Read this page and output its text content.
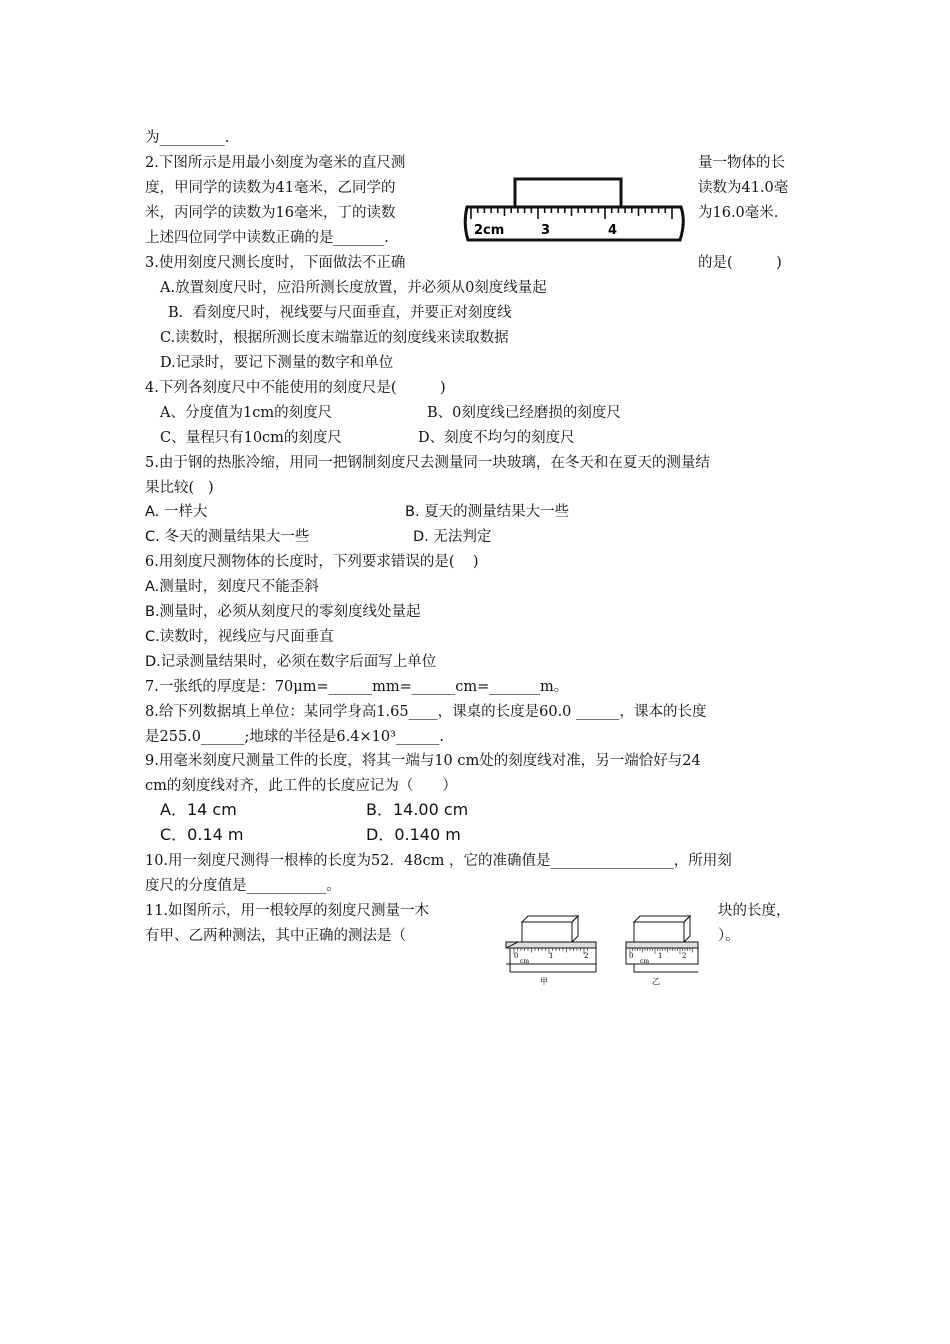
为_________.
2.下图所示是用最小刻度为毫米的直尺测
度，甲同学的读数为41毫米，乙同学的
米，丙同学的读数为16毫米，丁的读数
上述四位同学中读数正确的是_______.
量一物体的长
读数为41.0毫
为16.0毫米.
2cm	3	4
3.使用刻度尺测长度时，下面做法不正确	的是(　　　)
A.放置刻度尺时，应沿所测长度放置，并必须从0刻度线量起
B.  看刻度尺时，视线要与尺面垂直，并要正对刻度线
C.读数时，根据所测长度末端靠近的刻度线来读取数据
D.记录时，要记下测量的数字和单位
4.下列各刻度尺中不能使用的刻度尺是(　　　)
A、分度值为1cm的刻度尺	B、0刻度线已经磨损的刻度尺
C、量程只有10cm的刻度尺	D、刻度不均匀的刻度尺
5.由于钢的热胀冷缩，用同一把钢制刻度尺去测量同一块玻璃，在冬天和在夏天的测量结
果比较(   )
A. 一样大	B. 夏天的测量结果大一些
C. 冬天的测量结果大一些	D. 无法判定
6.用刻度尺测物体的长度时，下列要求错误的是(    )
A.测量时，刻度尺不能歪斜
B.测量时，必须从刻度尺的零刻度线处量起
C.读数时，视线应与尺面垂直
D.记录测量结果时，必须在数字后面写上单位
7.一张纸的厚度是：70μm=______mm=______cm=_______m。
8.给下列数据填上单位：某同学身高1.65____，课桌的长度是60.0 ______，课本的长度
是255.0______;地球的半径是6.4×10³______.
9.用毫米刻度尺测量工件的长度，将其一端与10 cm处的刻度线对准，另一端恰好与24
cm的刻度线对齐，此工件的长度应记为（　　）
A．14 cm	B．14.00 cm
C．0.14 m	D．0.140 m
10.用一刻度尺测得一根棒的长度为52．48cm ，它的准确值是_________________，所用刻
度尺的分度值是___________。
11.如图所示，用一根较厚的刻度尺测量一木
有甲、乙两种测法，其中正确的测法是（
块的长度，
）。
0
cm
1	2
甲
0
cm
1	2
乙
